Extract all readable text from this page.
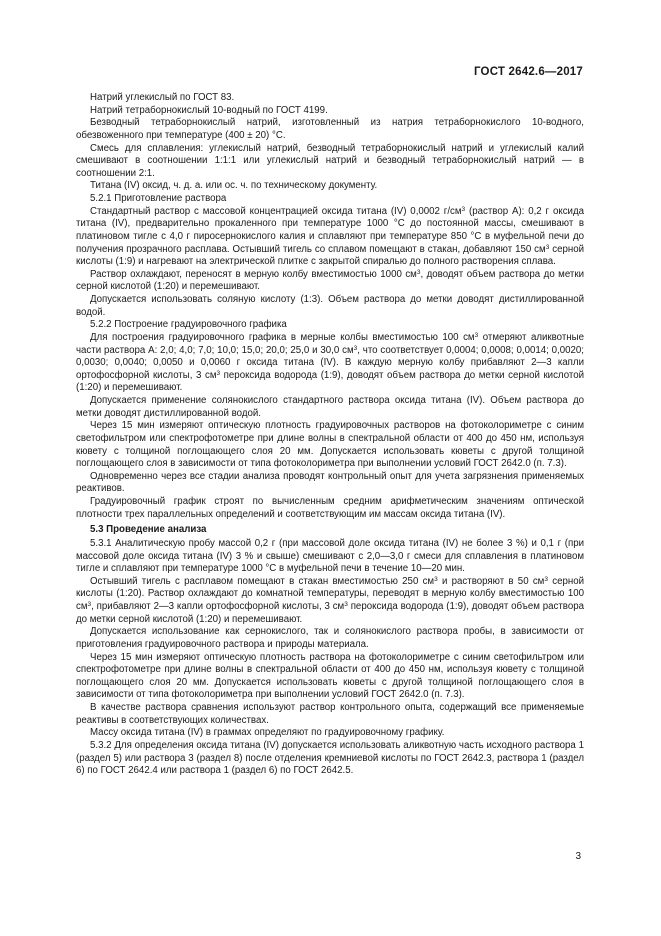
ГОСТ 2642.6—2017

Натрий углекислый по ГОСТ 83.

Натрий тетраборнокислый 10-водный по ГОСТ 4199.

Безводный тетраборнокислый натрий, изготовленный из натрия тетраборнокислого 10-водного, обезвоженного при температуре (400 ± 20) °С.

Смесь для сплавления: углекислый натрий, безводный тетраборнокислый натрий и углекислый калий смешивают в соотношении 1:1:1 или углекислый натрий и безводный тетраборнокислый натрий — в соотношении 2:1.

Титана (IV) оксид, ч. д. а. или ос. ч. по техническому документу.

5.2.1 Приготовление раствора

Стандартный раствор с массовой концентрацией оксида титана (IV) 0,0002 $г/см^3$ (раствор А): 0,2 г оксида титана (IV), предварительно прокаленного при температуре 1000 °С до постоянной массы, смешивают в платиновом тигле с 4,0 г пиросернокислого калия и сплавляют при температуре 850 °С в муфельной печи до получения прозрачного расплава. Остывший тигель со сплавом помещают в стакан, добавляют 150 $см^3$ серной кислоты (1:9) и нагревают на электрической плитке с закрытой спиралью до полного растворения сплава.

Раствор охлаждают, переносят в мерную колбу вместимостью 1000 $см^3$, доводят объем раствора до метки серной кислотой (1:20) и перемешивают.

Допускается использовать соляную кислоту (1:3). Объем раствора до метки доводят дистиллированной водой.

5.2.2 Построение градуировочного графика

Для построения градуировочного графика в мерные колбы вместимостью 100 $см^3$ отмеряют аликвотные части раствора А: 2,0; 4,0; 7,0; 10,0; 15,0; 20,0; 25,0 и 30,0 $см^3$, что соответствует 0,0004; 0,0008; 0,0014; 0,0020; 0,0030; 0,0040; 0,0050 и 0,0060 г оксида титана (IV). В каждую мерную колбу прибавляют 2—3 капли ортофосфорной кислоты, 3 $см^3$ пероксида водорода (1:9), доводят объем раствора до метки серной кислотой (1:20) и перемешивают.

Допускается применение солянокислого стандартного раствора оксида титана (IV). Объем раствора до метки доводят дистиллированной водой.

Через 15 мин измеряют оптическую плотность градуировочных растворов на фотоколориметре с синим светофильтром или спектрофотометре при длине волны в спектральной области от 400 до 450 нм, используя кювету с толщиной поглощающего слоя 20 мм. Допускается использовать кюветы с другой толщиной поглощающего слоя в зависимости от типа фотоколориметра при выполнении условий ГОСТ 2642.0 (п. 7.3).

Одновременно через все стадии анализа проводят контрольный опыт для учета загрязнения применяемых реактивов.

Градуировочный график строят по вычисленным средним арифметическим значениям оптической плотности трех параллельных определений и соответствующим им массам оксида титана (IV).

5.3 Проведение анализа

5.3.1 Аналитическую пробу массой 0,2 г (при массовой доле оксида титана (IV) не более 3 %) и 0,1 г (при массовой доле оксида титана (IV) 3 % и свыше) смешивают с 2,0—3,0 г смеси для сплавления в платиновом тигле и сплавляют при температуре 1000 °С в муфельной печи в течение 10—20 мин.

Остывший тигель с расплавом помещают в стакан вместимостью 250 $см^3$ и растворяют в 50 $см^3$ серной кислоты (1:20). Раствор охлаждают до комнатной температуры, переводят в мерную колбу вместимостью 100 $см^3$, прибавляют 2—3 капли ортофосфорной кислоты, 3 $см^3$ пероксида водорода (1:9), доводят объем раствора до метки серной кислотой (1:20) и перемешивают.

Допускается использование как сернокислого, так и солянокислого раствора пробы, в зависимости от приготовления градуировочного раствора и природы материала.

Через 15 мин измеряют оптическую плотность раствора на фотоколориметре с синим светофильтром или спектрофотометре при длине волны в спектральной области от 400 до 450 нм, используя кювету с толщиной поглощающего слоя 20 мм. Допускается использовать кюветы с другой толщиной поглощающего слоя в зависимости от типа фотоколориметра при выполнении условий ГОСТ 2642.0 (п. 7.3).

В качестве раствора сравнения используют раствор контрольного опыта, содержащий все применяемые реактивы в соответствующих количествах.

Массу оксида титана (IV) в граммах определяют по градуировочному графику.

5.3.2 Для определения оксида титана (IV) допускается использовать аликвотную часть исходного раствора 1 (раздел 5) или раствора 3 (раздел 8) после отделения кремниевой кислоты по ГОСТ 2642.3, раствора 1 (раздел 6) по ГОСТ 2642.4 или раствора 1 (раздел 6) по ГОСТ 2642.5.

3
